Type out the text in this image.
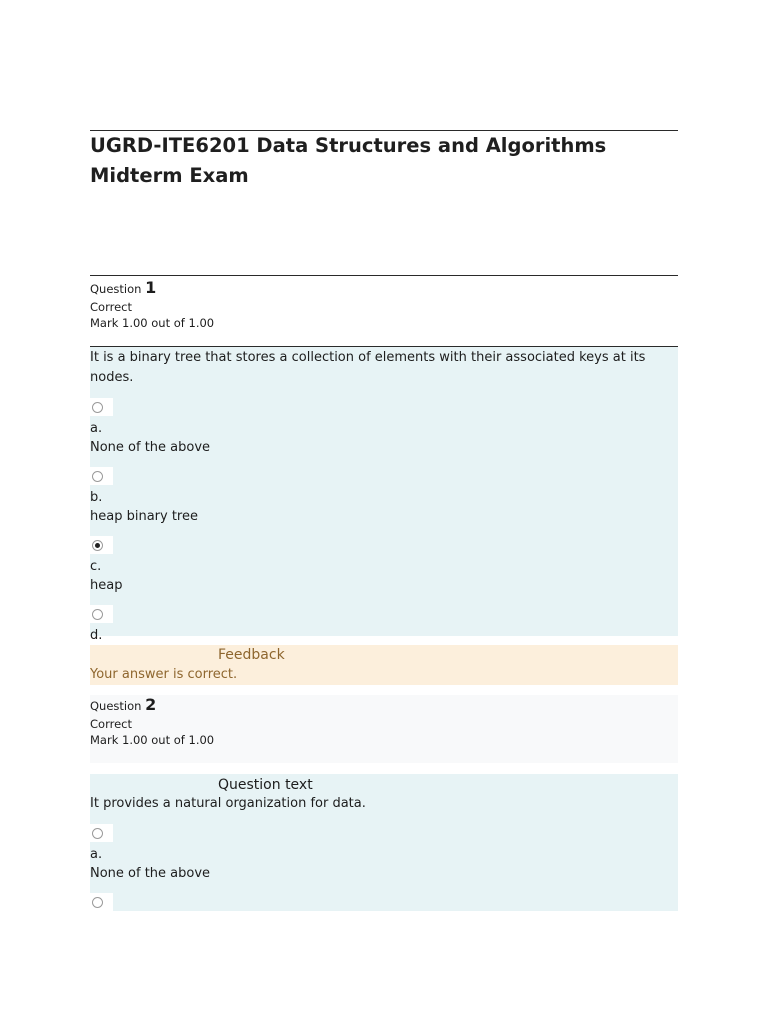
UGRD-ITE6201 Data Structures and Algorithms Midterm Exam
Question 1
Correct
Mark 1.00 out of 1.00
It is a binary tree that stores a collection of elements with their associated keys at its nodes.
a.
None of the above
b.
heap binary tree
c.
heap
d.
Feedback
Your answer is correct.
Question 2
Correct
Mark 1.00 out of 1.00
Question text
It provides a natural organization for data.
a.
None of the above
